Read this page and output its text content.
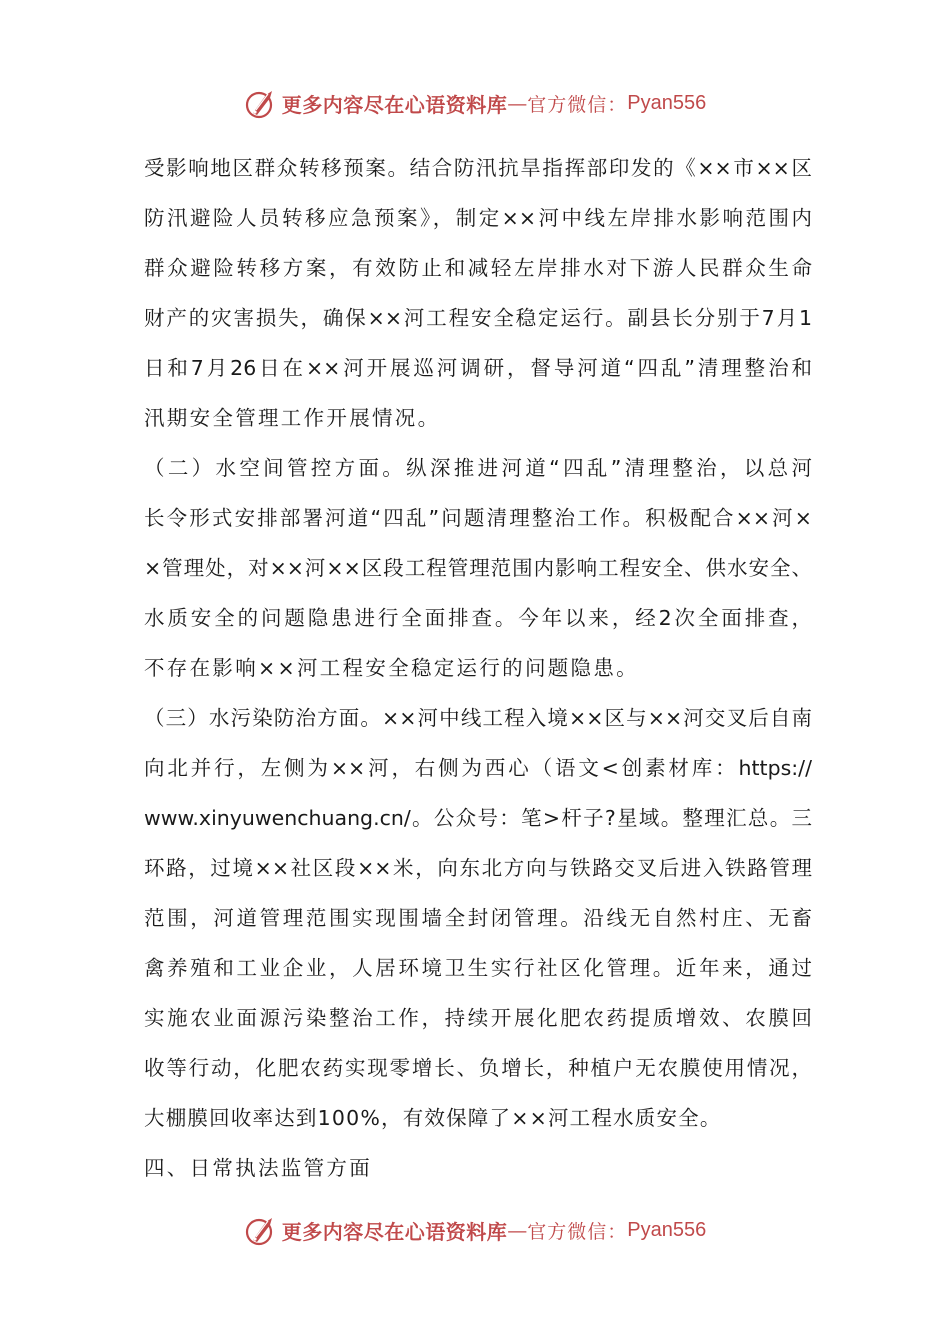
更多内容尽在心语资料库 — 官方微信： Pyan556
受影响地区群众转移预案。结合防汛抗旱指挥部印发的《××市××区
防汛避险人员转移应急预案》，制定××河中线左岸排水影响范围内
群众避险转移方案，有效防止和减轻左岸排水对下游人民群众生命
财产的灾害损失，确保××河工程安全稳定运行。副县长分别于7月1
日和7月26日在××河开展巡河调研，督导河道“四乱”清理整治和
汛期安全管理工作开展情况。
（二）水空间管控方面。纵深推进河道“四乱”清理整治，以总河
长令形式安排部署河道“四乱”问题清理整治工作。积极配合××河×
×管理处，对××河××区段工程管理范围内影响工程安全、供水安全、
水质安全的问题隐患进行全面排查。今年以来，经2次全面排查，
不存在影响××河工程安全稳定运行的问题隐患。
（三）水污染防治方面。××河中线工程入境××区与××河交叉后自南
向北并行，左侧为××河，右侧为西心（语文<创素材库：https://
www.xinyuwenchuang.cn/。公众号：笔>杆子?星域。整理汇总。三
环路，过境××社区段××米，向东北方向与铁路交叉后进入铁路管理
范围，河道管理范围实现围墙全封闭管理。沿线无自然村庄、无畜
禽养殖和工业企业，人居环境卫生实行社区化管理。近年来，通过
实施农业面源污染整治工作，持续开展化肥农药提质增效、农膜回
收等行动，化肥农药实现零增长、负增长，种植户无农膜使用情况，
大棚膜回收率达到100%，有效保障了××河工程水质安全。
四、日常执法监管方面
更多内容尽在心语资料库 — 官方微信： Pyan556
